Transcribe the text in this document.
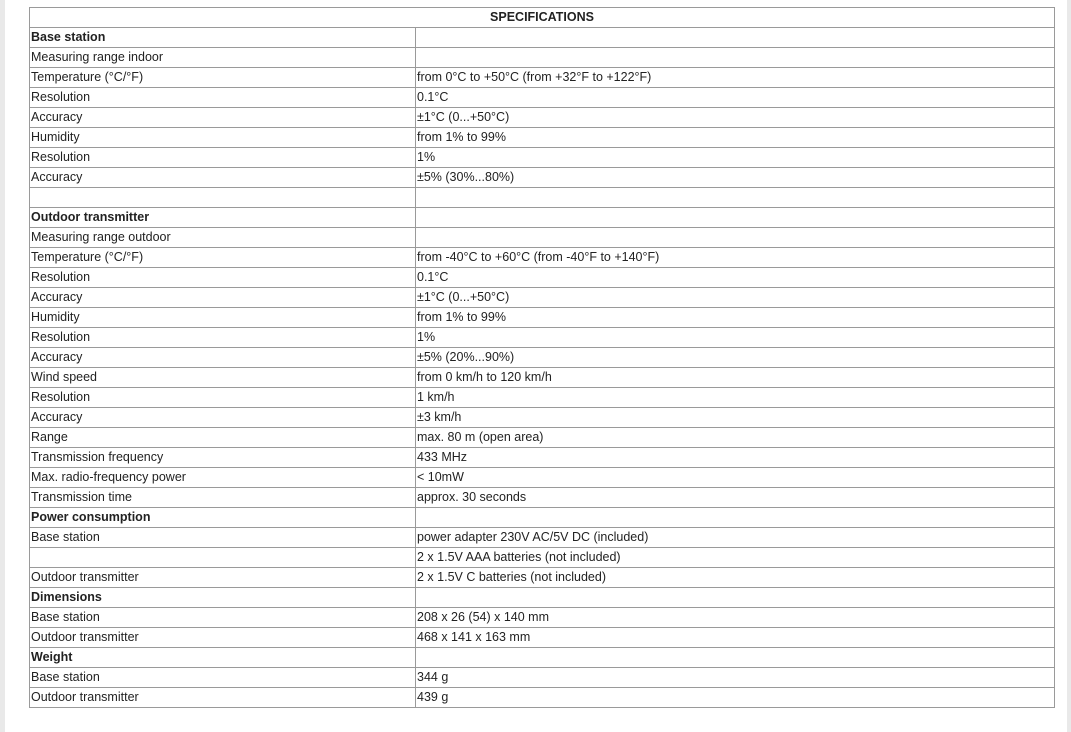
SPECIFICATIONS	
Base station	
Measuring range indoor	
Temperature (°C/°F)	from 0°C to +50°C (from +32°F to +122°F)
Resolution	0.1°C
Accuracy	±1°C (0...+50°C)
Humidity	from 1% to 99%
Resolution	1%
Accuracy	±5% (30%...80%)

Outdoor transmitter	
Measuring range outdoor	
Temperature (°C/°F)	from -40°C to +60°C (from -40°F to +140°F)
Resolution	0.1°C
Accuracy	±1°C (0...+50°C)
Humidity	from 1% to 99%
Resolution	1%
Accuracy	±5% (20%...90%)
Wind speed	from 0 km/h to 120 km/h
Resolution	1 km/h
Accuracy	±3 km/h
Range	max. 80 m (open area)
Transmission frequency	433 MHz
Max. radio-frequency power	< 10mW
Transmission time	approx. 30 seconds
Power consumption	
Base station	power adapter 230V AC/5V DC (included)
	2 x 1.5V AAA batteries (not included)
Outdoor transmitter	2 x 1.5V C batteries (not included)
Dimensions	
Base station	208 x 26 (54) x 140 mm
Outdoor transmitter	468 x 141 x 163 mm
Weight	
Base station	344 g
Outdoor transmitter	439 g
